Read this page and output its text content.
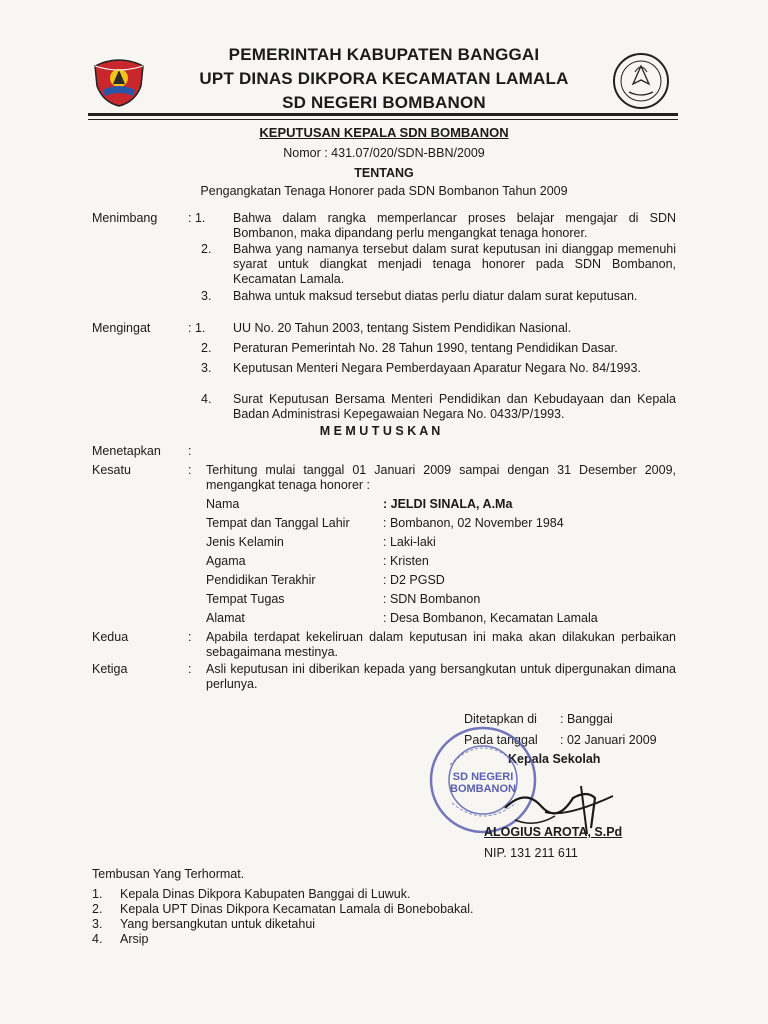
PEMERINTAH KABUPATEN BANGGAI
UPT DINAS DIKPORA KECAMATAN LAMALA
SD NEGERI BOMBANON
KEPUTUSAN KEPALA SDN BOMBANON
Nomor : 431.07/020/SDN-BBN/2009
TENTANG
Pengangkatan Tenaga Honorer pada SDN Bombanon Tahun 2009
Menimbang : 1. Bahwa dalam rangka memperlancar proses belajar mengajar di SDN Bombanon, maka dipandang perlu mengangkat tenaga honorer.
2. Bahwa yang namanya tersebut dalam surat keputusan ini dianggap memenuhi syarat untuk diangkat menjadi tenaga honorer pada SDN Bombanon, Kecamatan Lamala.
3. Bahwa untuk maksud tersebut diatas perlu diatur dalam surat keputusan.
Mengingat	: 1. UU No. 20 Tahun 2003, tentang Sistem Pendidikan Nasional.
2. Peraturan Pemerintah No. 28 Tahun 1990, tentang Pendidikan Dasar.
3. Keputusan Menteri Negara Pemberdayaan Aparatur Negara No. 84/1993.
4. Surat Keputusan Bersama Menteri Pendidikan dan Kebudayaan dan Kepala Badan Administrasi Kepegawaian Negara No. 0433/P/1993.
M E M U T U S K A N
Menetapkan :
Kesatu	: Terhitung mulai tanggal 01 Januari 2009 sampai dengan 31 Desember 2009, mengangkat tenaga honorer :
Nama	: JELDI SINALA, A.Ma
Tempat dan Tanggal Lahir	: Bombanon, 02 November 1984
Jenis Kelamin	: Laki-laki
Agama	: Kristen
Pendidikan Terakhir	: D2 PGSD
Tempat Tugas	: SDN Bombanon
Alamat	: Desa Bombanon, Kecamatan Lamala
Kedua	: Apabila terdapat kekeliruan dalam keputusan ini maka akan dilakukan perbaikan sebagaimana mestinya.
Ketiga	: Asli keputusan ini diberikan kepada yang bersangkutan untuk dipergunakan dimana perlunya.
Ditetapkan di : Banggai
Pada tanggal : 02 Januari 2009
Kepala Sekolah
SD NEGERI BOMBANON
ALOGIUS AROTA, S.Pd
NIP. 131 211 611
Tembusan Yang Terhormat.
1. Kepala Dinas Dikpora Kabupaten Banggai di Luwuk.
2. Kepala UPT Dinas Dikpora Kecamatan Lamala di Bonebobakal.
3. Yang bersangkutan untuk diketahui
4. Arsip
